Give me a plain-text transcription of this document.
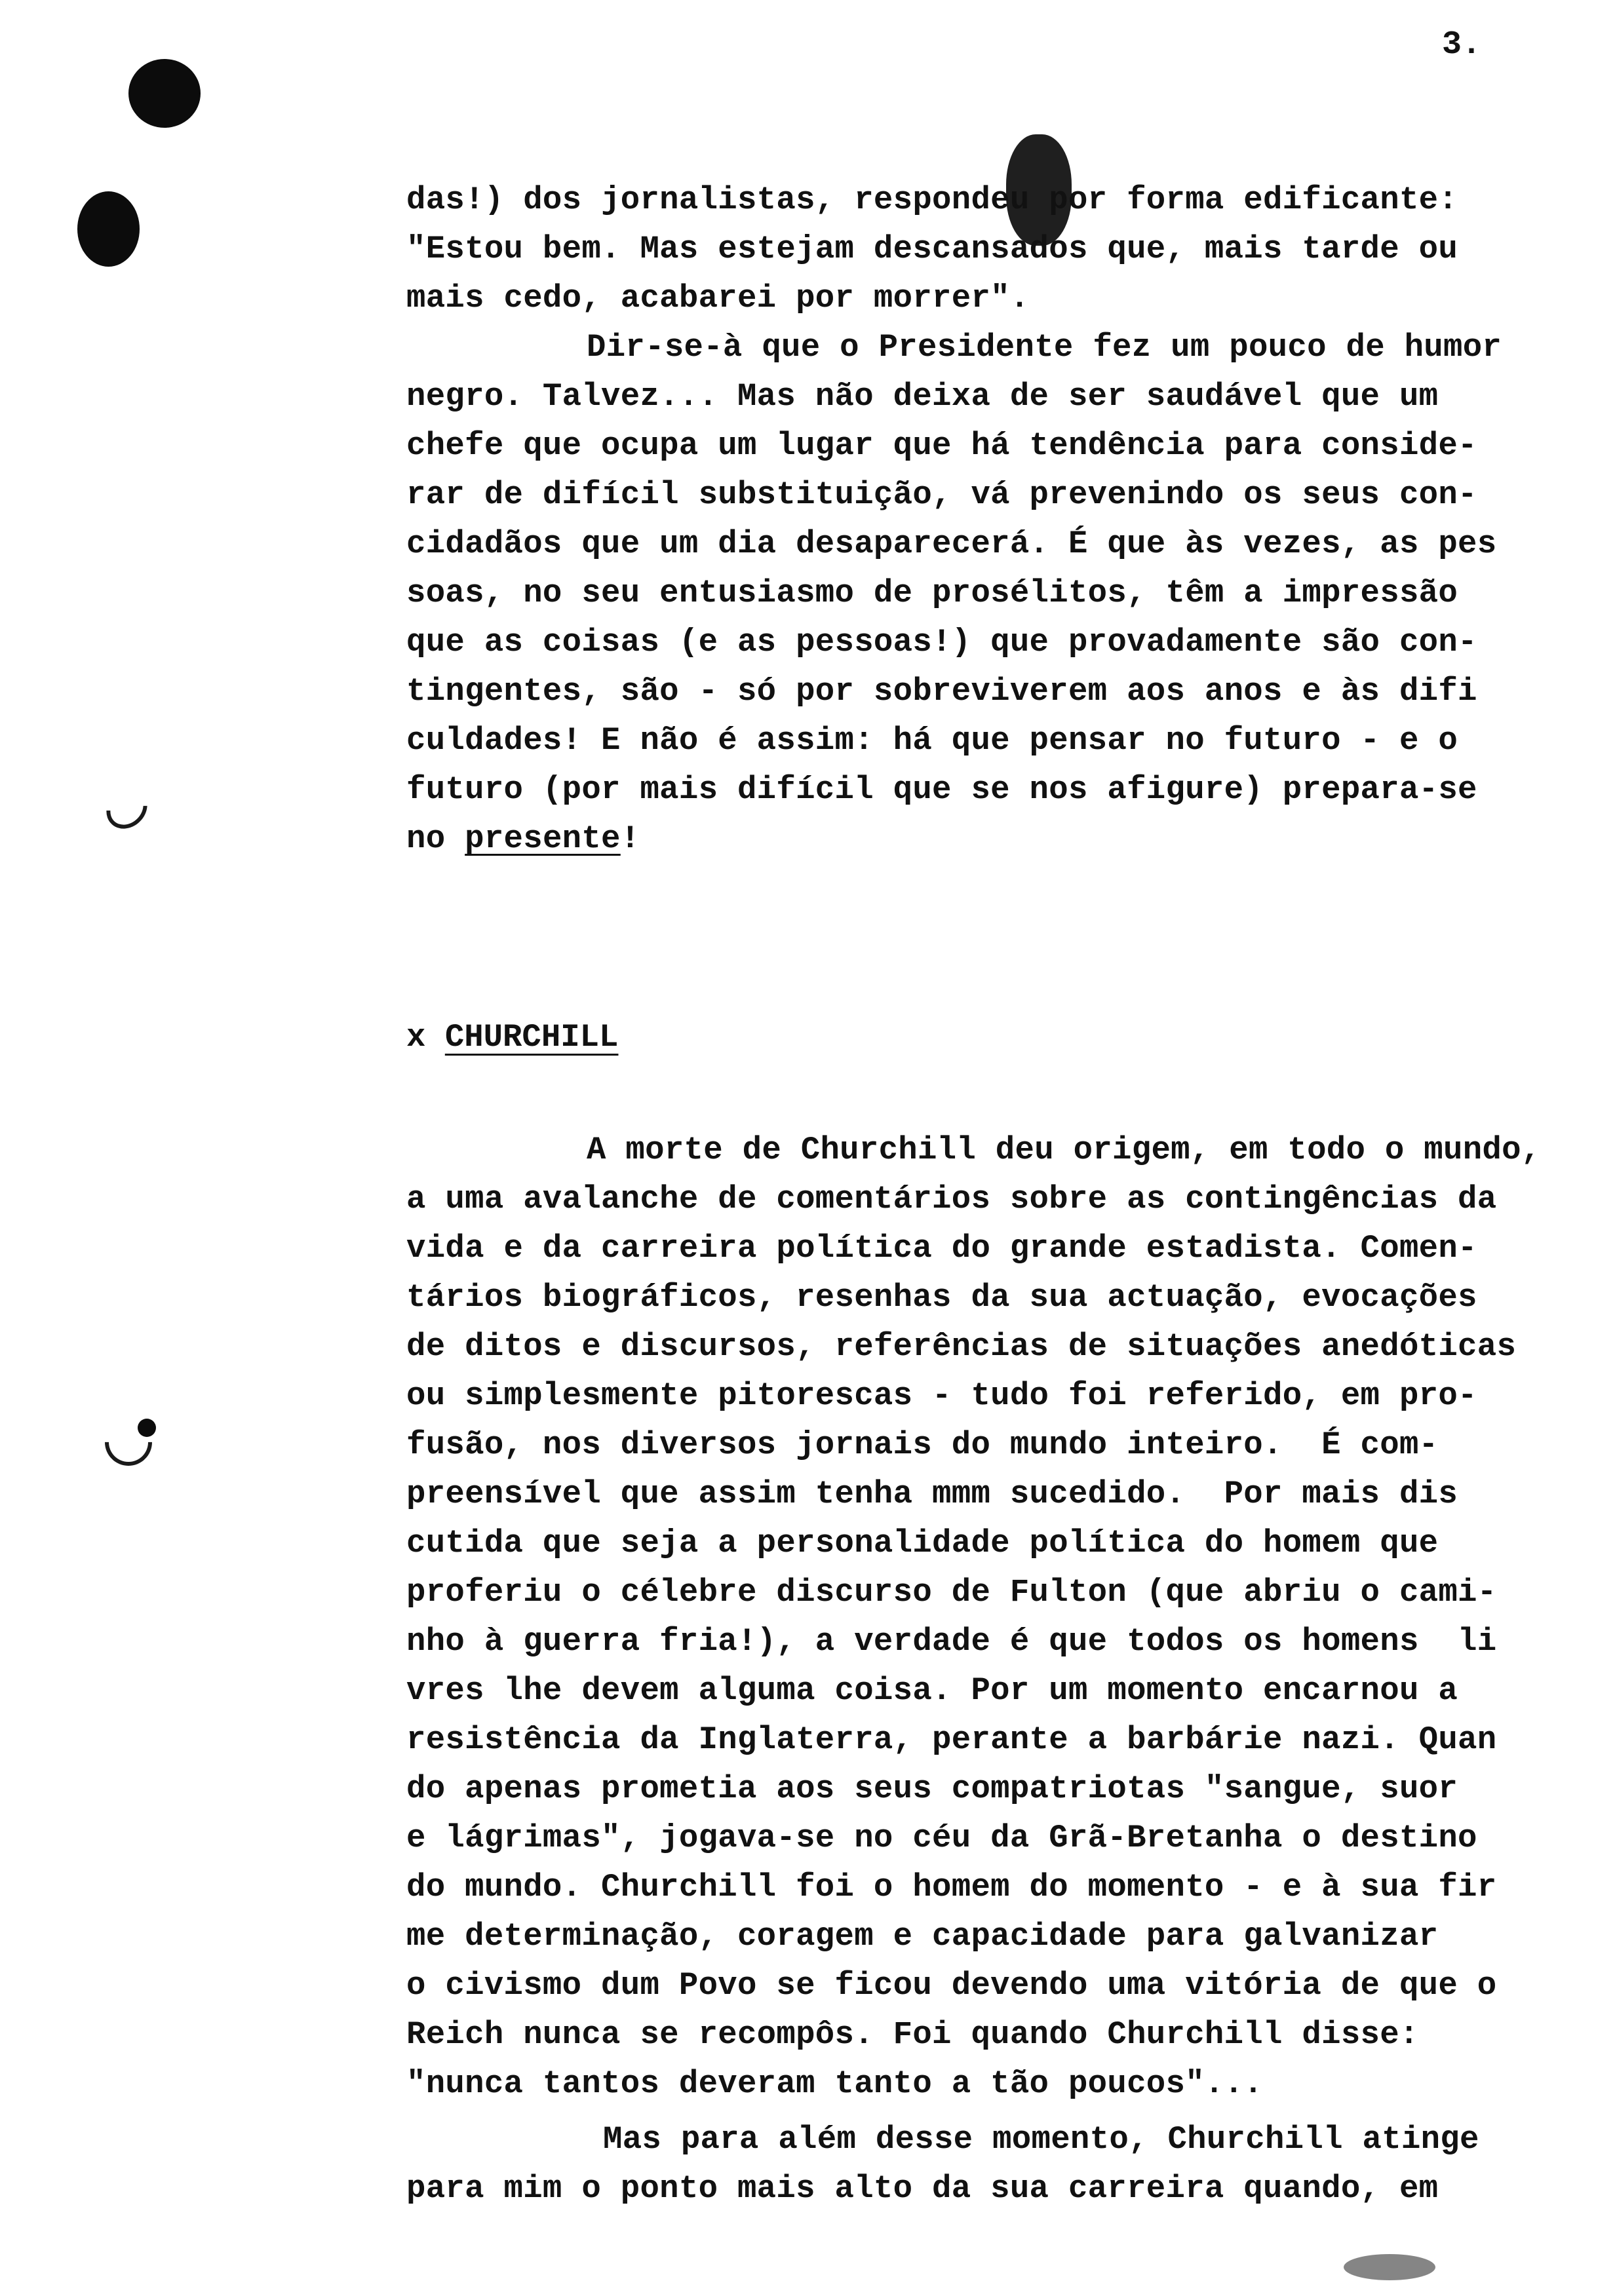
3.
das!) dos jornalistas, respondeu por forma edificante:
"Estou bem. Mas estejam descansados que, mais tarde ou
mais cedo, acabarei por morrer".
Dir-se-à que o Presidente fez um pouco de humor
negro. Talvez... Mas não deixa de ser saudável que um
chefe que ocupa um lugar que há tendência para conside-
rar de difícil substituição, vá prevenindo os seus con-
cidadãos que um dia desaparecerá. É que às vezes, as pes
soas, no seu entusiasmo de prosélitos, têm a impressão
que as coisas (e as pessoas!) que provadamente são con-
tingentes, são - só por sobreviverem aos anos e às difi
culdades! E não é assim: há que pensar no futuro - e o
futuro (por mais difícil que se nos afigure) prepara-se
no presente!
x CHURCHILL
A morte de Churchill deu origem, em todo o mundo,
a uma avalanche de comentários sobre as contingências da
vida e da carreira política do grande estadista. Comen-
tários biográficos, resenhas da sua actuação, evocações
de ditos e discursos, referências de situações anedóticas
ou simplesmente pitorescas - tudo foi referido, em pro-
fusão, nos diversos jornais do mundo inteiro.  É com-
preensível que assim tenha mmm sucedido.  Por mais dis
cutida que seja a personalidade política do homem que
proferiu o célebre discurso de Fulton (que abriu o cami-
nho à guerra fria!), a verdade é que todos os homens  li
vres lhe devem alguma coisa. Por um momento encarnou a
resistência da Inglaterra, perante a barbárie nazi. Quan
do apenas prometia aos seus compatriotas "sangue, suor
e lágrimas", jogava-se no céu da Grã-Bretanha o destino
do mundo. Churchill foi o homem do momento - e à sua fir
me determinação, coragem e capacidade para galvanizar
o civismo dum Povo se ficou devendo uma vitória de que o
Reich nunca se recompôs. Foi quando Churchill disse:
"nunca tantos deveram tanto a tão poucos"...
Mas para além desse momento, Churchill atinge
para mim o ponto mais alto da sua carreira quando, em
